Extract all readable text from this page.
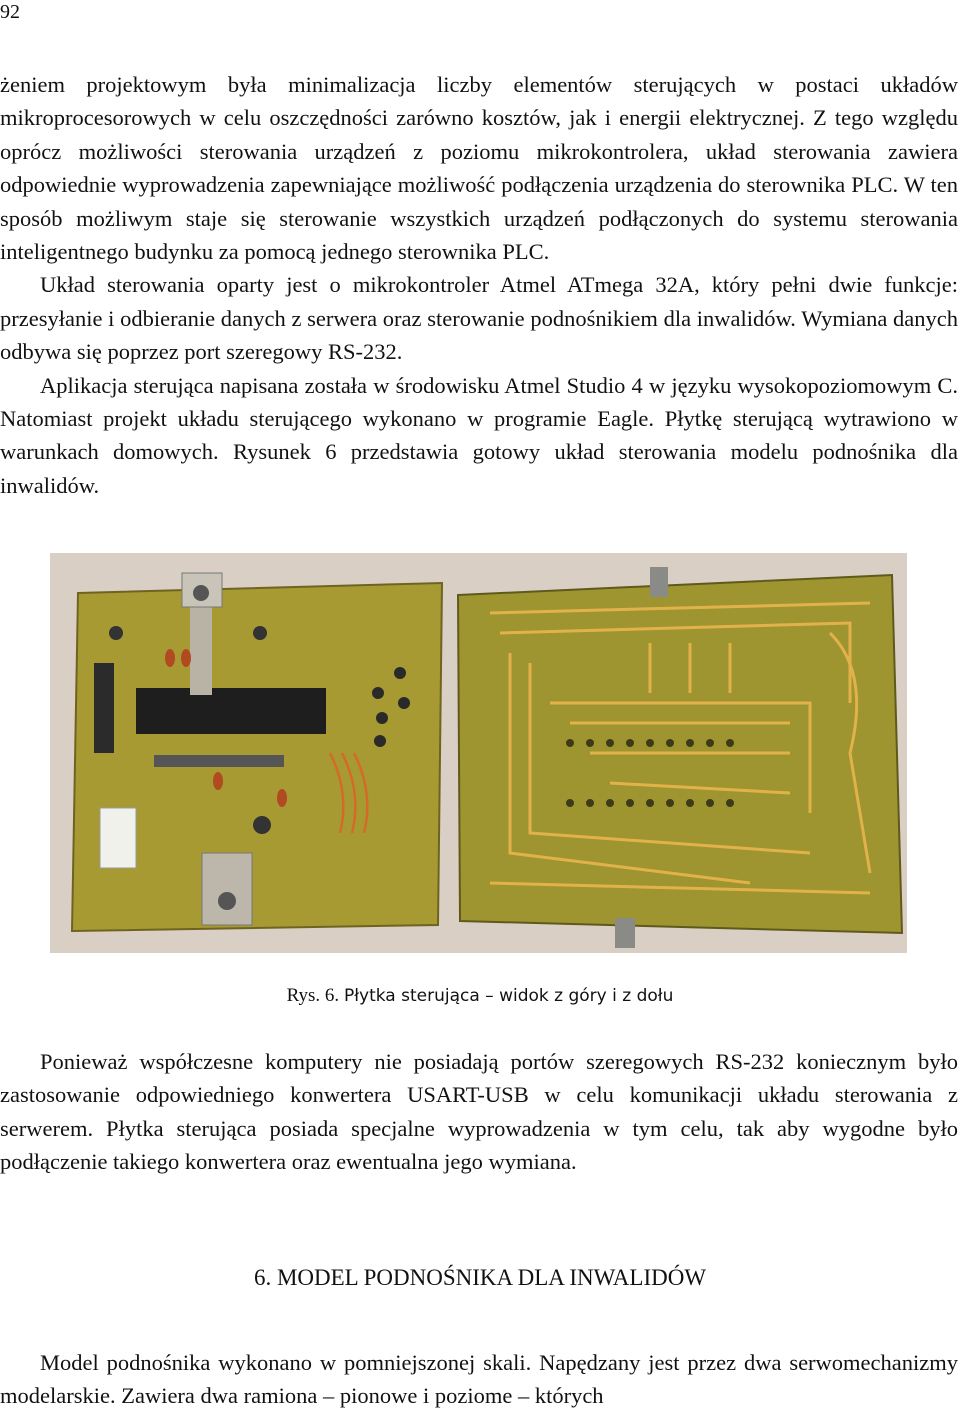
92

żeniem projektowym była minimalizacja liczby elementów sterujących w postaci układów mikroprocesorowych w celu oszczędności zarówno kosztów, jak i energii elektrycznej. Z tego względu oprócz możliwości sterowania urządzeń z poziomu mikrokontrolera, układ sterowania zawiera odpowiednie wyprowadzenia zapewniające możliwość podłączenia urządzenia do sterownika PLC. W ten sposób możliwym staje się sterowanie wszystkich urządzeń podłączonych do systemu sterowania inteligentnego budynku za pomocą jednego sterownika PLC.

Układ sterowania oparty jest o mikrokontroler Atmel ATmega 32A, który pełni dwie funkcje: przesyłanie i odbieranie danych z serwera oraz sterowanie podnośnikiem dla inwalidów. Wymiana danych odbywa się poprzez port szeregowy RS-232.

Aplikacja sterująca napisana została w środowisku Atmel Studio 4 w języku wysokopoziomowym C. Natomiast projekt układu sterującego wykonano w programie Eagle. Płytkę sterującą wytrawiono w warunkach domowych. Rysunek 6 przedstawia gotowy układ sterowania modelu podnośnika dla inwalidów.

Rys. 6. Płytka sterująca – widok z góry i z dołu

Ponieważ współczesne komputery nie posiadają portów szeregowych RS-232 koniecznym było zastosowanie odpowiedniego konwertera USART-USB w celu komunikacji układu sterowania z serwerem. Płytka sterująca posiada specjalne wyprowadzenia w tym celu, tak aby wygodne było podłączenie takiego konwertera oraz ewentualna jego wymiana.

6. MODEL PODNOŚNIKA DLA INWALIDÓW

Model podnośnika wykonano w pomniejszonej skali. Napędzany jest przez dwa serwomechanizmy modelarskie. Zawiera dwa ramiona – pionowe i poziome – których
